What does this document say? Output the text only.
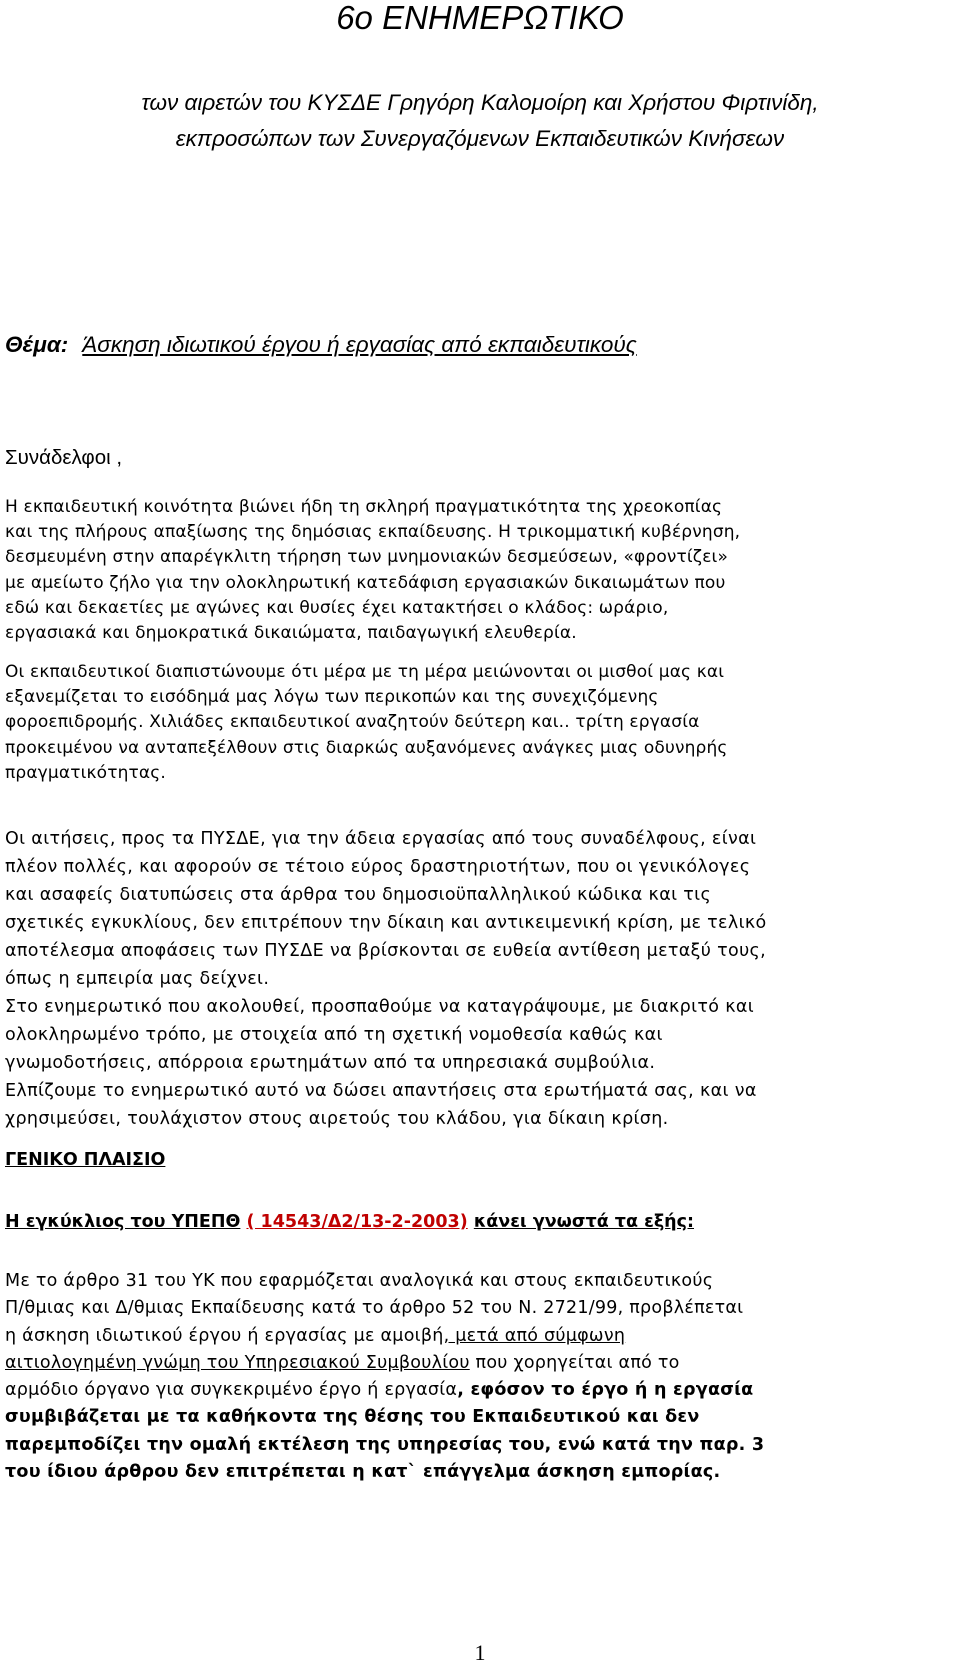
6ο ΕΝΗΜΕΡΩΤΙΚΟ
των αιρετών του ΚΥΣΔΕ Γρηγόρη Καλομοίρη και Χρήστου Φιρτινίδη,
εκπροσώπων των Συνεργαζόμενων Εκπαιδευτικών Κινήσεων
Θέμα: Άσκηση ιδιωτικού έργου ή εργασίας από εκπαιδευτικούς
Συνάδελφοι ,

Η εκπαιδευτική κοινότητα βιώνει ήδη τη σκληρή πραγματικότητα της χρεοκοπίας

και της πλήρους απαξίωσης της δημόσιας εκπαίδευσης. Η τρικομματική κυβέρνηση,

δεσμευμένη στην απαρέγκλιτη τήρηση των μνημονιακών δεσμεύσεων, «φροντίζει»

με αμείωτο ζήλο για την ολοκληρωτική κατεδάφιση εργασιακών δικαιωμάτων που

εδώ και δεκαετίες με αγώνες και θυσίες έχει κατακτήσει ο κλάδος: ωράριο,

εργασιακά και δημοκρατικά δικαιώματα, παιδαγωγική ελευθερία.

Οι εκπαιδευτικοί διαπιστώνουμε ότι μέρα με τη μέρα μειώνονται οι μισθοί μας και

εξανεμίζεται το εισόδημά μας λόγω των περικοπών και της συνεχιζόμενης

φοροεπιδρομής. Χιλιάδες εκπαιδευτικοί αναζητούν δεύτερη και.. τρίτη εργασία

προκειμένου να ανταπεξέλθουν στις διαρκώς αυξανόμενες ανάγκες μιας οδυνηρής

πραγματικότητας.

Οι αιτήσεις, προς τα ΠΥΣΔΕ, για την άδεια εργασίας από τους συναδέλφους, είναι

πλέον πολλές, και αφορούν σε τέτοιο εύρος δραστηριοτήτων, που οι γενικόλογες

και ασαφείς διατυπώσεις στα άρθρα του δημοσιοϋπαλληλικού κώδικα και τις

σχετικές εγκυκλίους, δεν επιτρέπουν την δίκαιη και αντικειμενική κρίση, με τελικό

αποτέλεσμα αποφάσεις των ΠΥΣΔΕ να βρίσκονται σε ευθεία αντίθεση μεταξύ τους,

όπως η εμπειρία μας δείχνει.

Στο ενημερωτικό που ακολουθεί, προσπαθούμε να καταγράψουμε, με διακριτό και

ολοκληρωμένο τρόπο, με στοιχεία από τη σχετική νομοθεσία καθώς και

γνωμοδοτήσεις, απόρροια ερωτημάτων από τα υπηρεσιακά συμβούλια.

Ελπίζουμε το ενημερωτικό αυτό να δώσει απαντήσεις στα ερωτήματά σας, και να

χρησιμεύσει, τουλάχιστον στους αιρετούς του κλάδου, για δίκαιη κρίση.

ΓΕΝΙΚΟ ΠΛΑΙΣΙΟ
Η εγκύκλιος του ΥΠΕΠΘ ( 14543/Δ2/13-2-2003) κάνει γνωστά τα εξής:

Με το άρθρο 31 του ΥΚ που εφαρμόζεται αναλογικά και στους εκπαιδευτικούς

Π/θμιας και Δ/θμιας Εκπαίδευσης κατά το άρθρο 52 του Ν. 2721/99, προβλέπεται

η άσκηση ιδιωτικού έργου ή εργασίας με αμοιβή, μετά από σύμφωνη

αιτιολογημένη γνώμη του Υπηρεσιακού Συμβουλίου που χορηγείται από το

αρμόδιο όργανο για συγκεκριμένο έργο ή εργασία, εφόσον το έργο ή η εργασία

συμβιβάζεται με τα καθήκοντα της θέσης του Εκπαιδευτικού και δεν

παρεμποδίζει την ομαλή εκτέλεση της υπηρεσίας του, ενώ κατά την παρ. 3

του ίδιου άρθρου δεν επιτρέπεται η κατ` επάγγελμα άσκηση εμπορίας.

1
